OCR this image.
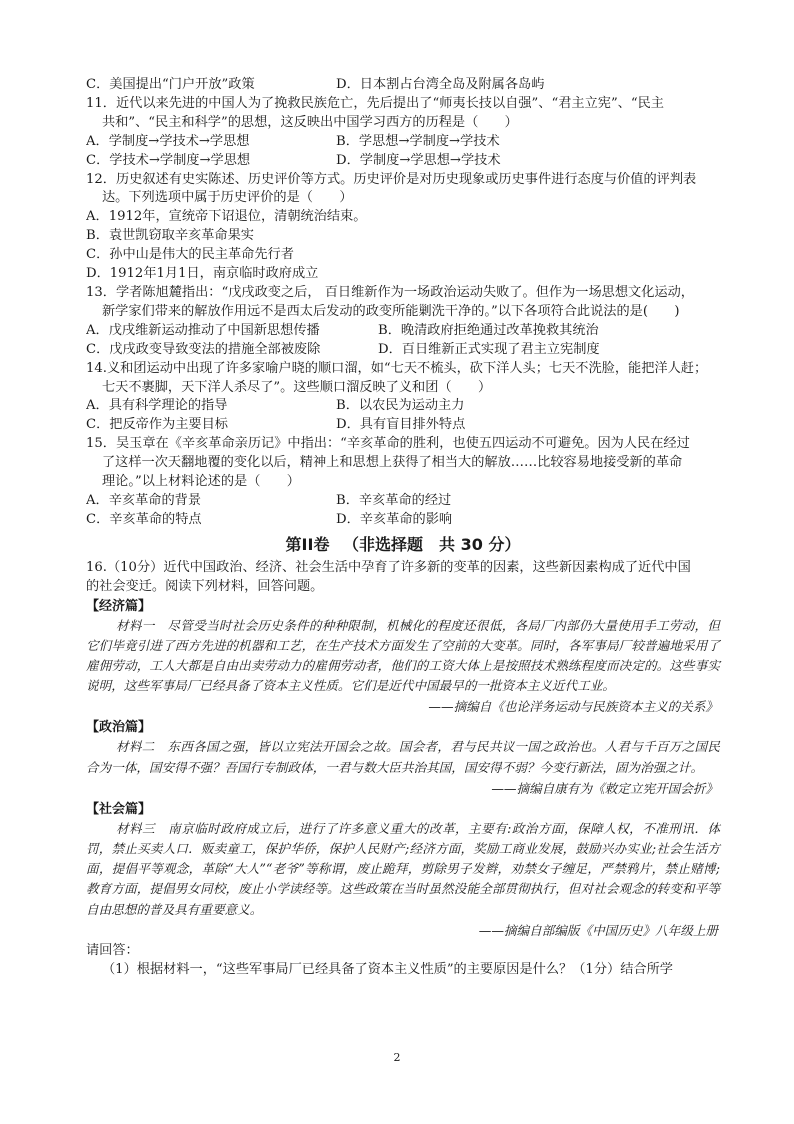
C．美国提出“门户开放”政策	D．日本割占台湾全岛及附属各岛屿
11．近代以来先进的中国人为了挽救民族危亡，先后提出了“师夷长技以自强”、“君主立宪”、“民主
共和”、“民主和科学”的思想，这反映出中国学习西方的历程是（　　）
A．学制度→学技术→学思想	B．学思想→学制度→学技术
C．学技术→学制度→学思想	D．学制度→学思想→学技术
12．历史叙述有史实陈述、历史评价等方式。历史评价是对历史现象或历史事件进行态度与价值的评判表
达。下列选项中属于历史评价的是（　　）
A．1912年，宣统帝下诏退位，清朝统治结束。
B．袁世凯窃取辛亥革命果实
C．孙中山是伟大的民主革命先行者
D．1912年1月1日，南京临时政府成立
13．学者陈旭麓指出：“戊戌政变之后， 百日维新作为一场政治运动失败了。但作为一场思想文化运动，
新学家们带来的解放作用远不是西太后发动的政变所能剿洗干净的。”以下各项符合此说法的是(　　)
A．戊戌维新运动推动了中国新思想传播	B．晚清政府拒绝通过改革挽救其统治
C．戊戌政变导致变法的措施全部被废除	D．百日维新正式实现了君主立宪制度
14.义和团运动中出现了许多家喻户晓的顺口溜，如“七天不梳头，砍下洋人头；七天不洗脸，能把洋人赶；
七天不裹脚，天下洋人杀尽了”。这些顺口溜反映了义和团（　　）
A．具有科学理论的指导	B．以农民为运动主力
C．把反帝作为主要目标	D．具有盲目排外特点
15．吴玉章在《辛亥革命亲历记》中指出：“辛亥革命的胜利，也使五四运动不可避免。因为人民在经过
了这样一次天翻地覆的变化以后，精神上和思想上获得了相当大的解放……比较容易地接受新的革命
理论。”以上材料论述的是（　　）
A．辛亥革命的背景	B．辛亥革命的经过
C．辛亥革命的特点	D．辛亥革命的影响
第II卷 （非选择题　共 30 分）
16.（10分）近代中国政治、经济、社会生活中孕育了许多新的变革的因素，这些新因素构成了近代中国
的社会变迁。阅读下列材料，回答问题。
【经济篇】
材料一　尽管受当时社会历史条件的种种限制，机械化的程度还很低，各局厂内部仍大量使用手工劳动，但它们毕竟引进了西方先进的机器和工艺，在生产技术方面发生了空前的大变革。同时，各军事局厂较普遍地采用了雇佣劳动，工人大都是自由出卖劳动力的雇佣劳动者，他们的工资大体上是按照技术熟练程度而决定的。这些事实说明，这些军事局厂已经具备了资本主义性质。它们是近代中国最早的一批资本主义近代工业。
——摘编自《也论洋务运动与民族资本主义的关系》
【政治篇】
材料二　东西各国之强，皆以立宪法开国会之故。国会者，君与民共议一国之政治也。人君与千百万之国民合为一体，国安得不强？吾国行专制政体，一君与数大臣共治其国，国安得不弱？今变行新法，固为治强之计。
——摘编自康有为《敕定立宪开国会折》
【社会篇】
材料三　南京临时政府成立后，进行了许多意义重大的改革，主要有:政治方面，保障人权，不准刑讯．体罚，禁止买卖人口．贩卖童工，保护华侨，保护人民财产;经济方面，奖励工商业发展，鼓励兴办实业;社会生活方面，提倡平等观念，革除“大人”“老爷”等称谓，废止跪拜，剪除男子发辫，劝禁女子缠足，严禁鸦片，禁止赌博;教育方面，提倡男女同校，废止小学读经等。这些政策在当时虽然没能全部贯彻执行，但对社会观念的转变和平等自由思想的普及具有重要意义。
——摘编自部编版《中国历史》八年级上册
请回答：
（1）根据材料一，“这些军事局厂已经具备了资本主义性质”的主要原因是什么？（1分）结合所学
2
